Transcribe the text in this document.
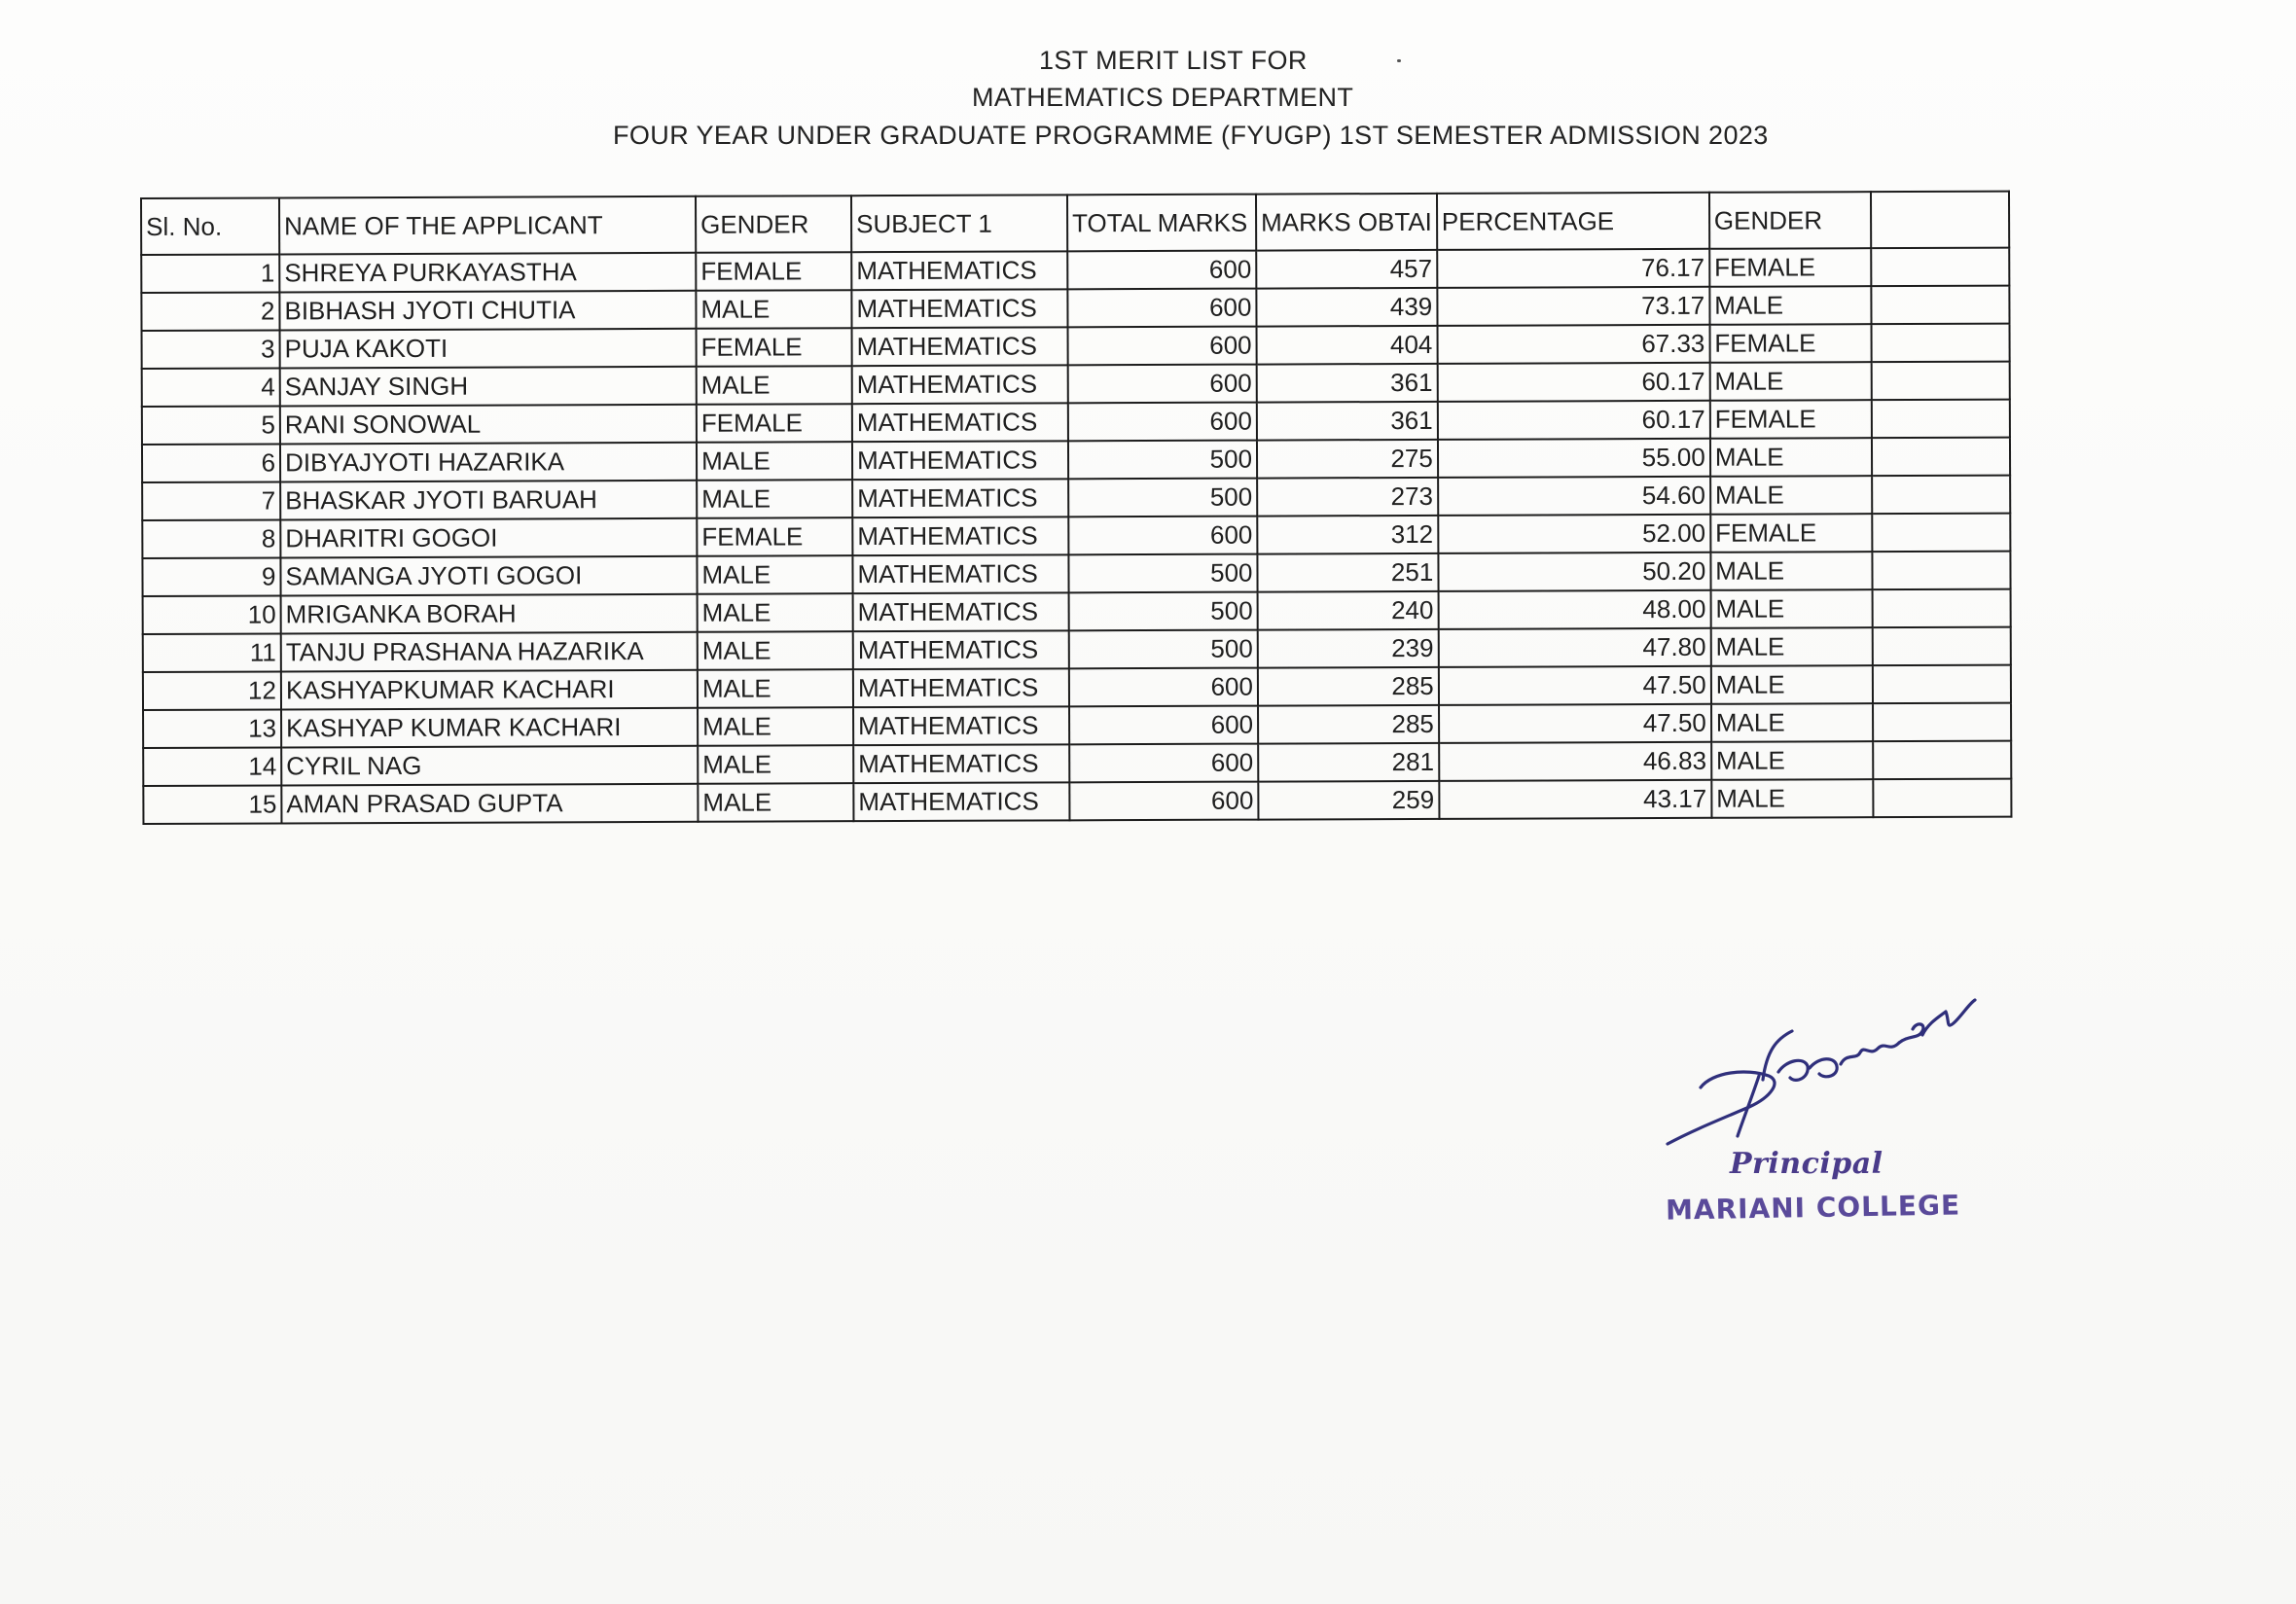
1ST MERIT LIST FOR
MATHEMATICS DEPARTMENT
FOUR YEAR UNDER GRADUATE PROGRAMME (FYUGP) 1ST SEMESTER ADMISSION 2023
Sl. No.	NAME OF THE APPLICANT	GENDER	SUBJECT 1	TOTAL MARKS	MARKS OBTAI	PERCENTAGE	GENDER	
1	SHREYA PURKAYASTHA	FEMALE	MATHEMATICS	600	457	76.17	FEMALE	
2	BIBHASH JYOTI CHUTIA	MALE	MATHEMATICS	600	439	73.17	MALE	
3	PUJA KAKOTI	FEMALE	MATHEMATICS	600	404	67.33	FEMALE	
4	SANJAY SINGH	MALE	MATHEMATICS	600	361	60.17	MALE	
5	RANI SONOWAL	FEMALE	MATHEMATICS	600	361	60.17	FEMALE	
6	DIBYAJYOTI HAZARIKA	MALE	MATHEMATICS	500	275	55.00	MALE	
7	BHASKAR JYOTI BARUAH	MALE	MATHEMATICS	500	273	54.60	MALE	
8	DHARITRI GOGOI	FEMALE	MATHEMATICS	600	312	52.00	FEMALE	
9	SAMANGA JYOTI GOGOI	MALE	MATHEMATICS	500	251	50.20	MALE	
10	MRIGANKA BORAH	MALE	MATHEMATICS	500	240	48.00	MALE	
11	TANJU PRASHANA HAZARIKA	MALE	MATHEMATICS	500	239	47.80	MALE	
12	KASHYAPKUMAR KACHARI	MALE	MATHEMATICS	600	285	47.50	MALE	
13	KASHYAP KUMAR KACHARI	MALE	MATHEMATICS	600	285	47.50	MALE	
14	CYRIL NAG	MALE	MATHEMATICS	600	281	46.83	MALE	
15	AMAN PRASAD GUPTA	MALE	MATHEMATICS	600	259	43.17	MALE	
Principal
MARIANI COLLEGE
